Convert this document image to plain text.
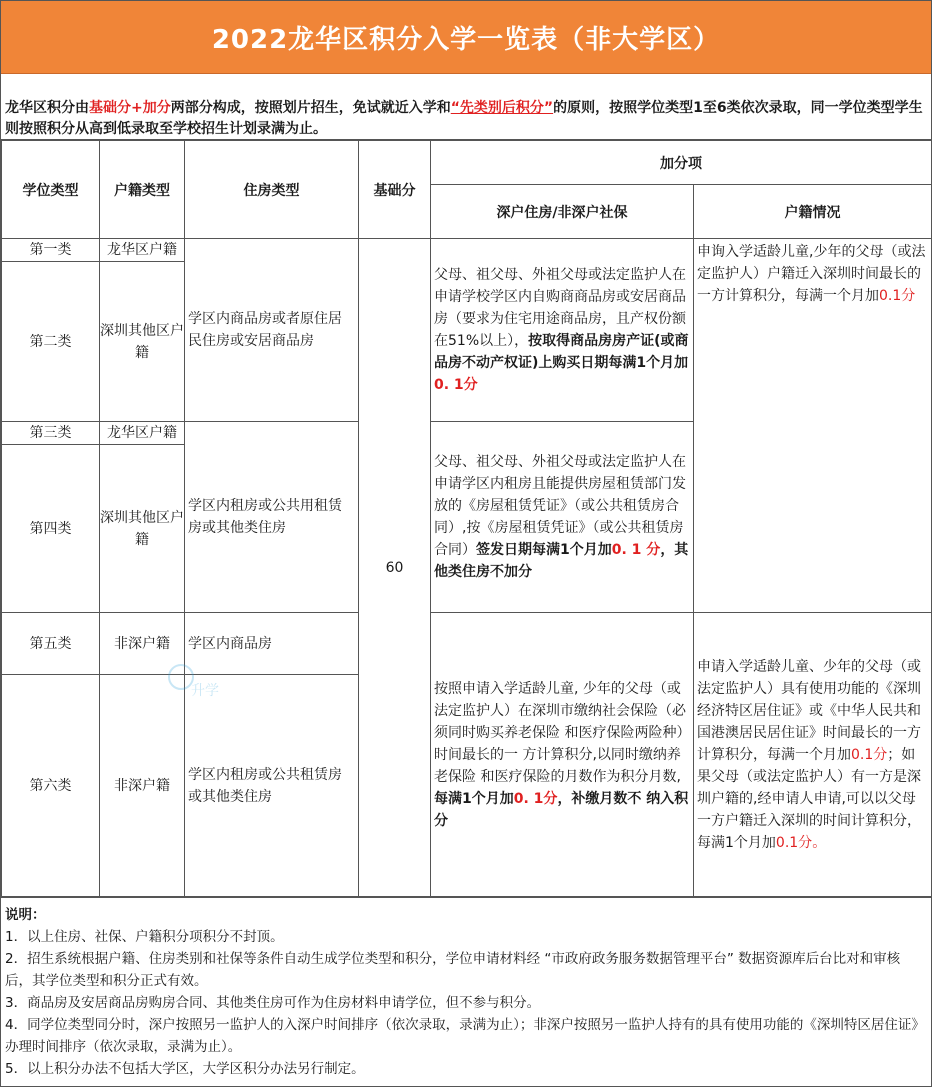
2022龙华区积分入学一览表（非大学区）
龙华区积分由基础分+加分两部分构成，按照划片招生，免试就近入学和“先类别后积分”的原则，按照学位类型1至6类依次录取，同一学位类型学生则按照积分从高到低录取至学校招生计划录满为止。
学位类型	户籍类型	住房类型	基础分	加分项	
				深户住房/非深户社保	户籍情况
第一类	龙华区户籍	学区内商品房或者原住居民住房或安居商品房	60	父母、祖父母、外祖父母或法定监护人在申请学校学区内自购商商品房或安居商品房（要求为住宅用途商品房，且产权份额在51%以上），按取得商品房房产证(或商品房不动产权证)上购买日期每满1个月加0. 1分	申询入学适龄儿童,少年的父母（或法定监护人）户籍迁入深圳时间最长的 一方计算积分，每满一个月加0.1分
第二类	深圳其他区户籍				
第三类	龙华区户籍	学区内租房或公共用租赁房或其他类住房		父母、祖父母、外祖父母或法定监护人在申请学区内租房且能提供房屋租赁部门发放的《房屋租赁凭证》（或公共租赁房合同）,按《房屋租赁凭证》（或公共租赁房合同）签发日期每满1个月加0. 1 分，其他类住房不加分	
第四类	深圳其他区户籍				
第五类	非深户籍	学区内商品房		按照申请入学适龄儿童, 少年的父母（或法定监护人）在深圳市缴纳社会保险（必须同时购买养老保险 和医疗保险两险种）时间最长的一 方计算积分,以同时缴纳养老保险 和医疗保险的月数作为积分月数,每满1个月加0. 1分，补缴月数不 纳入积分	申请入学适龄儿童、少年的父母（或法定监护人）具有使用功能的《深圳经济特区居住证》或《中华人民共和国港澳居民居住证》时间最长的一方计算积分，每满一个月加0.1分；如果父母（或法定监护人）有一方是深圳户籍的,经申请人申请,可以以父母一方户籍迁入深圳的时间计算积分， 每满1个月加0.1分。
第六类	非深户籍	学区内租房或公共租赁房或其他类住房			
说明：
1．以上住房、社保、户籍积分项积分不封顶。
2．招生系统根据户籍、住房类别和社保等条件自动生成学位类型和积分，学位申请材料经 “市政府政务服务数据管理平台” 数据资源库后台比对和审核后，其学位类型和积分正式有效。
3．商品房及安居商品房购房合同、其他类住房可作为住房材料申请学位，但不参与积分。
4．同学位类型同分时，深户按照另一监护人的入深户时间排序（依次录取，录满为止）；非深户按照另一监护人持有的具有使用功能的《深圳特区居住证》办理时间排序（依次录取，录满为止）。
5．以上积分办法不包括大学区，大学区积分办法另行制定。
升学
